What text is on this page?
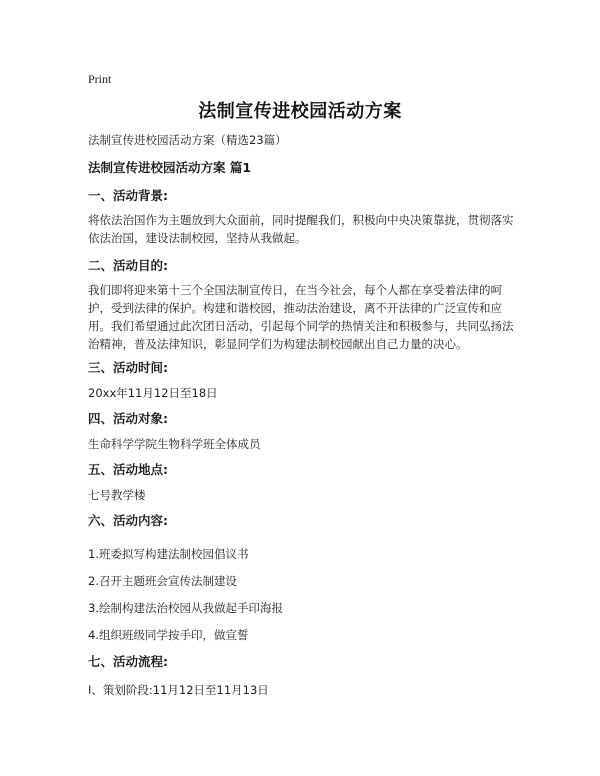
Print
法制宣传进校园活动方案
法制宣传进校园活动方案（精选23篇）
法制宣传进校园活动方案 篇1
一、活动背景:
将依法治国作为主题放到大众面前，同时提醒我们，积极向中央决策靠拢，贯彻落实依法治国，建设法制校园，坚持从我做起。
二、活动目的:
我们即将迎来第十三个全国法制宣传日，在当今社会，每个人都在享受着法律的呵护，受到法律的保护。构建和谐校园，推动法治建设，离不开法律的广泛宣传和应用。我们希望通过此次团日活动，引起每个同学的热情关注和积极参与，共同弘扬法治精神，普及法律知识，彰显同学们为构建法制校园献出自己力量的决心。
三、活动时间:
20xx年11月12日至18日
四、活动对象:
生命科学学院生物科学班全体成员
五、活动地点:
七号教学楼
六、活动内容:
1.班委拟写构建法制校园倡议书
2.召开主题班会宣传法制建设
3.绘制构建法治校园从我做起手印海报
4.组织班级同学按手印，做宣誓
七、活动流程:
I、策划阶段:11月12日至11月13日
